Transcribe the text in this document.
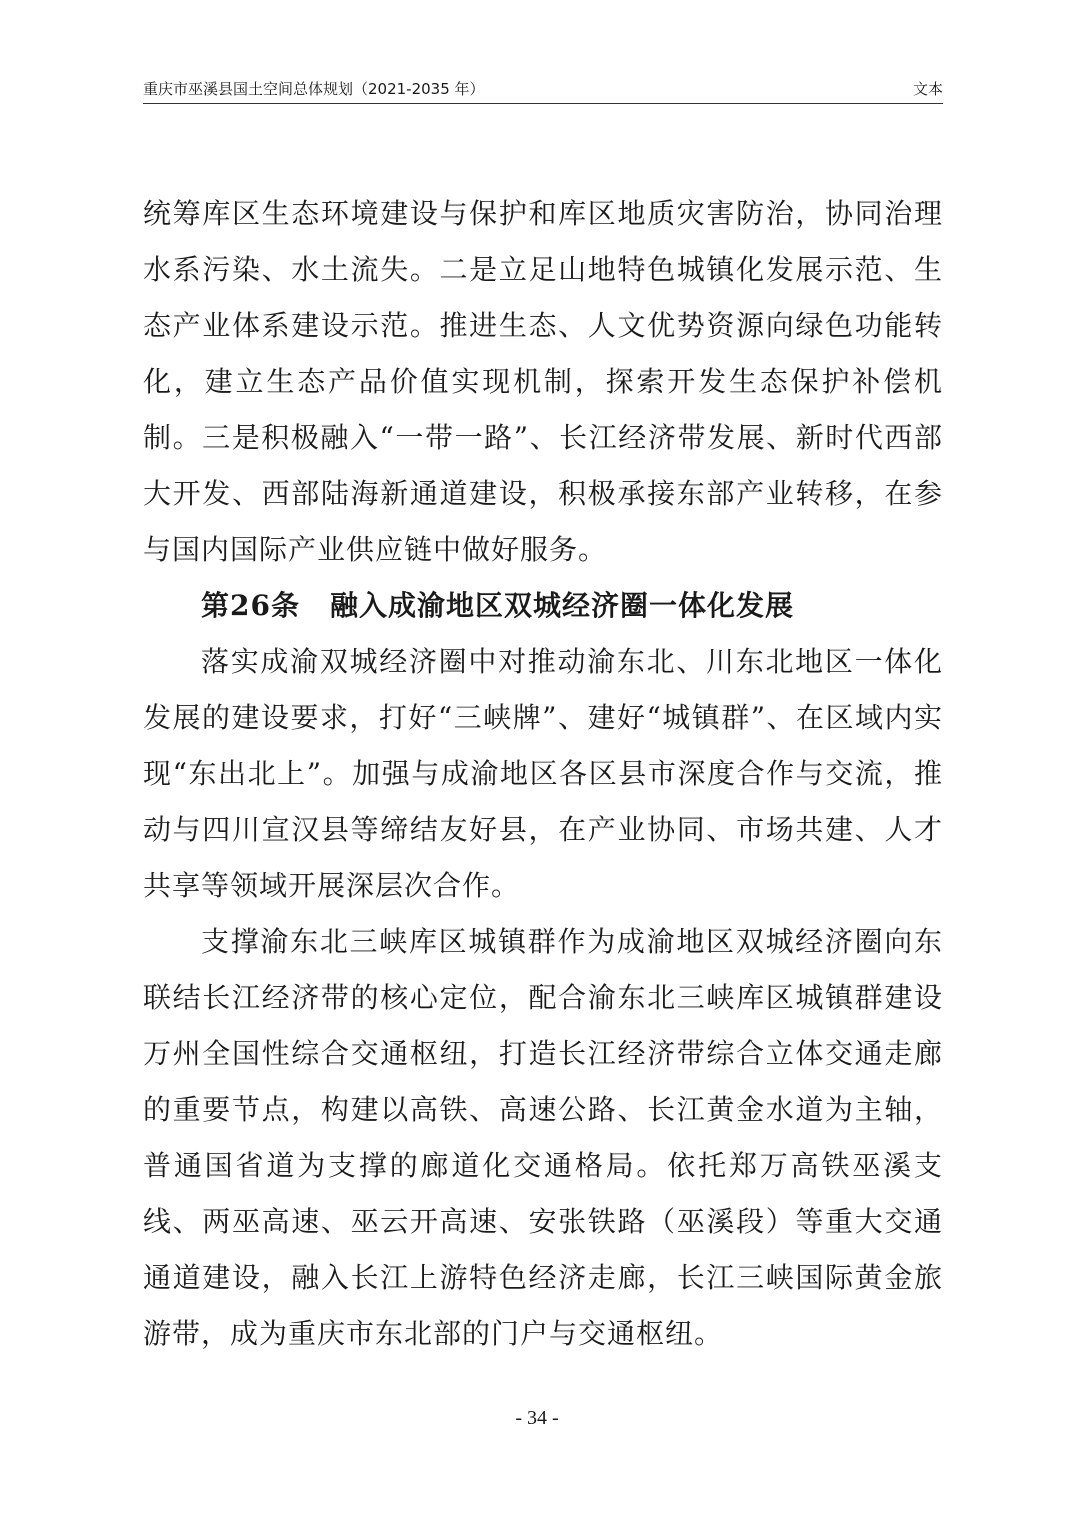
重庆市巫溪县国土空间总体规划（2021-2035 年）	文本

统筹库区生态环境建设与保护和库区地质灾害防治，协同治理水系污染、水土流失。二是立足山地特色城镇化发展示范、生态产业体系建设示范。推进生态、人文优势资源向绿色功能转化，建立生态产品价值实现机制，探索开发生态保护补偿机制。三是积极融入“一带一路”、长江经济带发展、新时代西部大开发、西部陆海新通道建设，积极承接东部产业转移，在参与国内国际产业供应链中做好服务。

第26条 融入成渝地区双城经济圈一体化发展

落实成渝双城经济圈中对推动渝东北、川东北地区一体化发展的建设要求，打好“三峡牌”、建好“城镇群”、在区域内实现“东出北上”。加强与成渝地区各区县市深度合作与交流，推动与四川宣汉县等缔结友好县，在产业协同、市场共建、人才共享等领域开展深层次合作。

支撑渝东北三峡库区城镇群作为成渝地区双城经济圈向东联结长江经济带的核心定位，配合渝东北三峡库区城镇群建设万州全国性综合交通枢纽，打造长江经济带综合立体交通走廊的重要节点，构建以高铁、高速公路、长江黄金水道为主轴，普通国省道为支撑的廊道化交通格局。依托郑万高铁巫溪支线、两巫高速、巫云开高速、安张铁路（巫溪段）等重大交通通道建设，融入长江上游特色经济走廊，长江三峡国际黄金旅游带，成为重庆市东北部的门户与交通枢纽。

- 34 -
